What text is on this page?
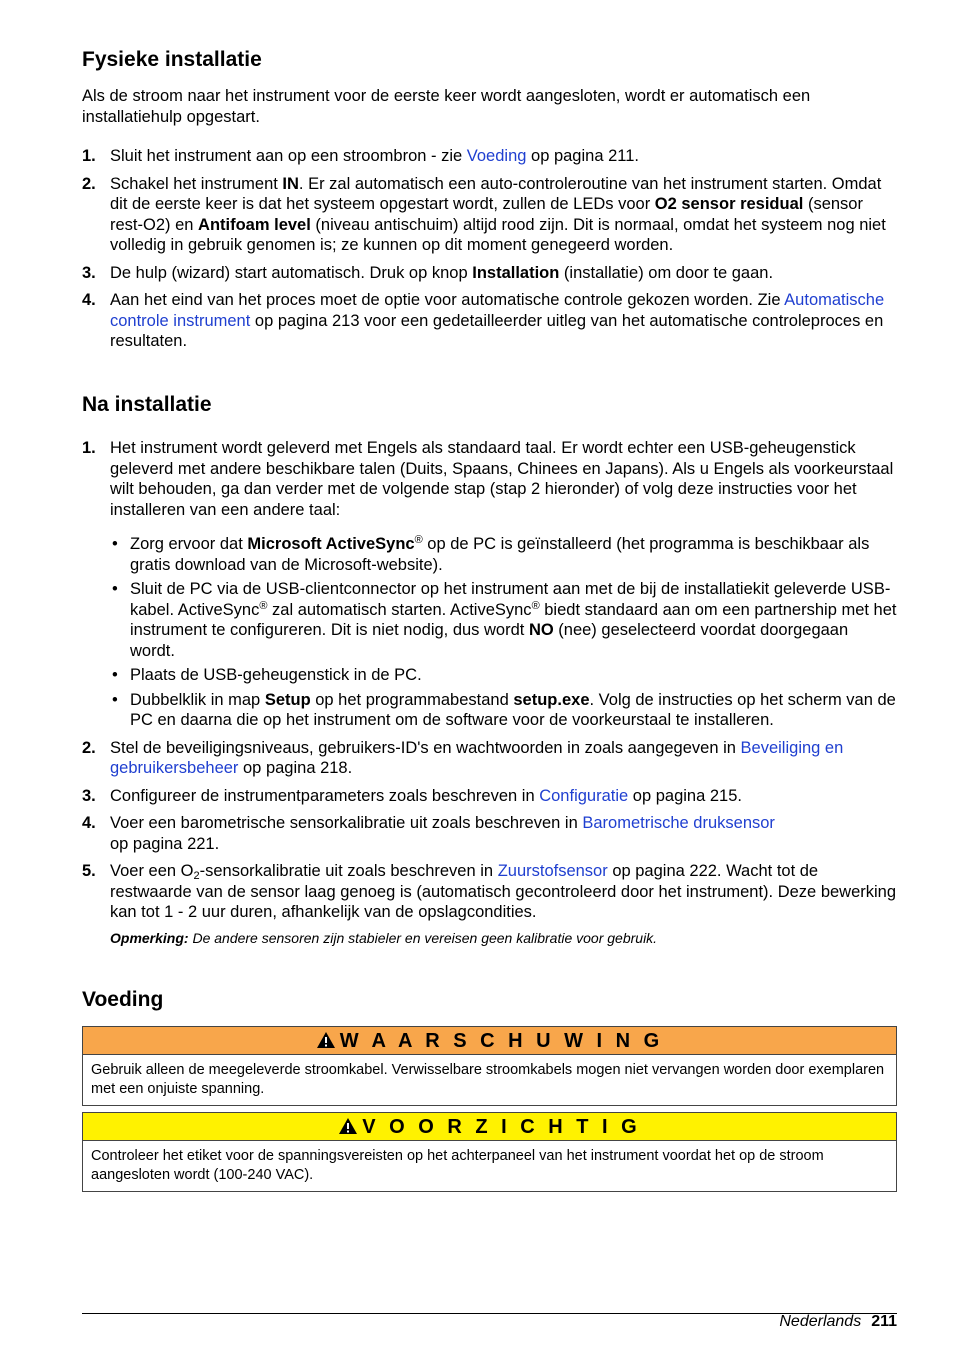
Fysieke installatie

Als de stroom naar het instrument voor de eerste keer wordt aangesloten, wordt er automatisch een installatiehulp opgestart.

1. Sluit het instrument aan op een stroombron - zie Voeding op pagina 211.
2. Schakel het instrument IN. Er zal automatisch een auto-controleroutine van het instrument starten. Omdat dit de eerste keer is dat het systeem opgestart wordt, zullen de LEDs voor O2 sensor residual (sensor rest-O2) en Antifoam level (niveau antischuim) altijd rood zijn. Dit is normaal, omdat het systeem nog niet volledig in gebruik genomen is; ze kunnen op dit moment genegeerd worden.
3. De hulp (wizard) start automatisch. Druk op knop Installation (installatie) om door te gaan.
4. Aan het eind van het proces moet de optie voor automatische controle gekozen worden. Zie Automatische controle instrument op pagina 213 voor een gedetailleerder uitleg van het automatische controleproces en resultaten.
Na installatie
1. Het instrument wordt geleverd met Engels als standaard taal. Er wordt echter een USB-geheugenstick geleverd met andere beschikbare talen (Duits, Spaans, Chinees en Japans). Als u Engels als voorkeurstaal wilt behouden, ga dan verder met de volgende stap (stap 2 hieronder) of volg deze instructies voor het installeren van een andere taal:
• Zorg ervoor dat Microsoft ActiveSync® op de PC is geïnstalleerd (het programma is beschikbaar als gratis download van de Microsoft-website).
• Sluit de PC via de USB-clientconnector op het instrument aan met de bij de installatiekit geleverde USB-kabel. ActiveSync® zal automatisch starten. ActiveSync® biedt standaard aan om een partnership met het instrument te configureren. Dit is niet nodig, dus wordt NO (nee) geselecteerd voordat doorgegaan wordt.
• Plaats de USB-geheugenstick in de PC.
• Dubbelklik in map Setup op het programmabestand setup.exe. Volg de instructies op het scherm van de PC en daarna die op het instrument om de software voor de voorkeurstaal te installeren.
2. Stel de beveiligingsniveaus, gebruikers-ID's en wachtwoorden in zoals aangegeven in Beveiliging en gebruikersbeheer op pagina 218.
3. Configureer de instrumentparameters zoals beschreven in Configuratie op pagina 215.
4. Voer een barometrische sensorkalibratie uit zoals beschreven in Barometrische druksensor
op pagina 221.
5. Voer een $O_2$-sensorkalibratie uit zoals beschreven in Zuurstofsensor op pagina 222. Wacht tot de restwaarde van de sensor laag genoeg is (automatisch gecontroleerd door het instrument). Deze bewerking kan tot 1 - 2 uur duren, afhankelijk van de opslagcondities.
Opmerking: De andere sensoren zijn stabieler en vereisen geen kalibratie voor gebruik.
Voeding
W A A R S C H U W I N G
Gebruik alleen de meegeleverde stroomkabel. Verwisselbare stroomkabels mogen niet vervangen worden door exemplaren met een onjuiste spanning.
V O O R Z I C H T I G
Controleer het etiket voor de spanningsvereisten op het achterpaneel van het instrument voordat het op de stroom aangesloten wordt (100-240 VAC).
Nederlands 211
